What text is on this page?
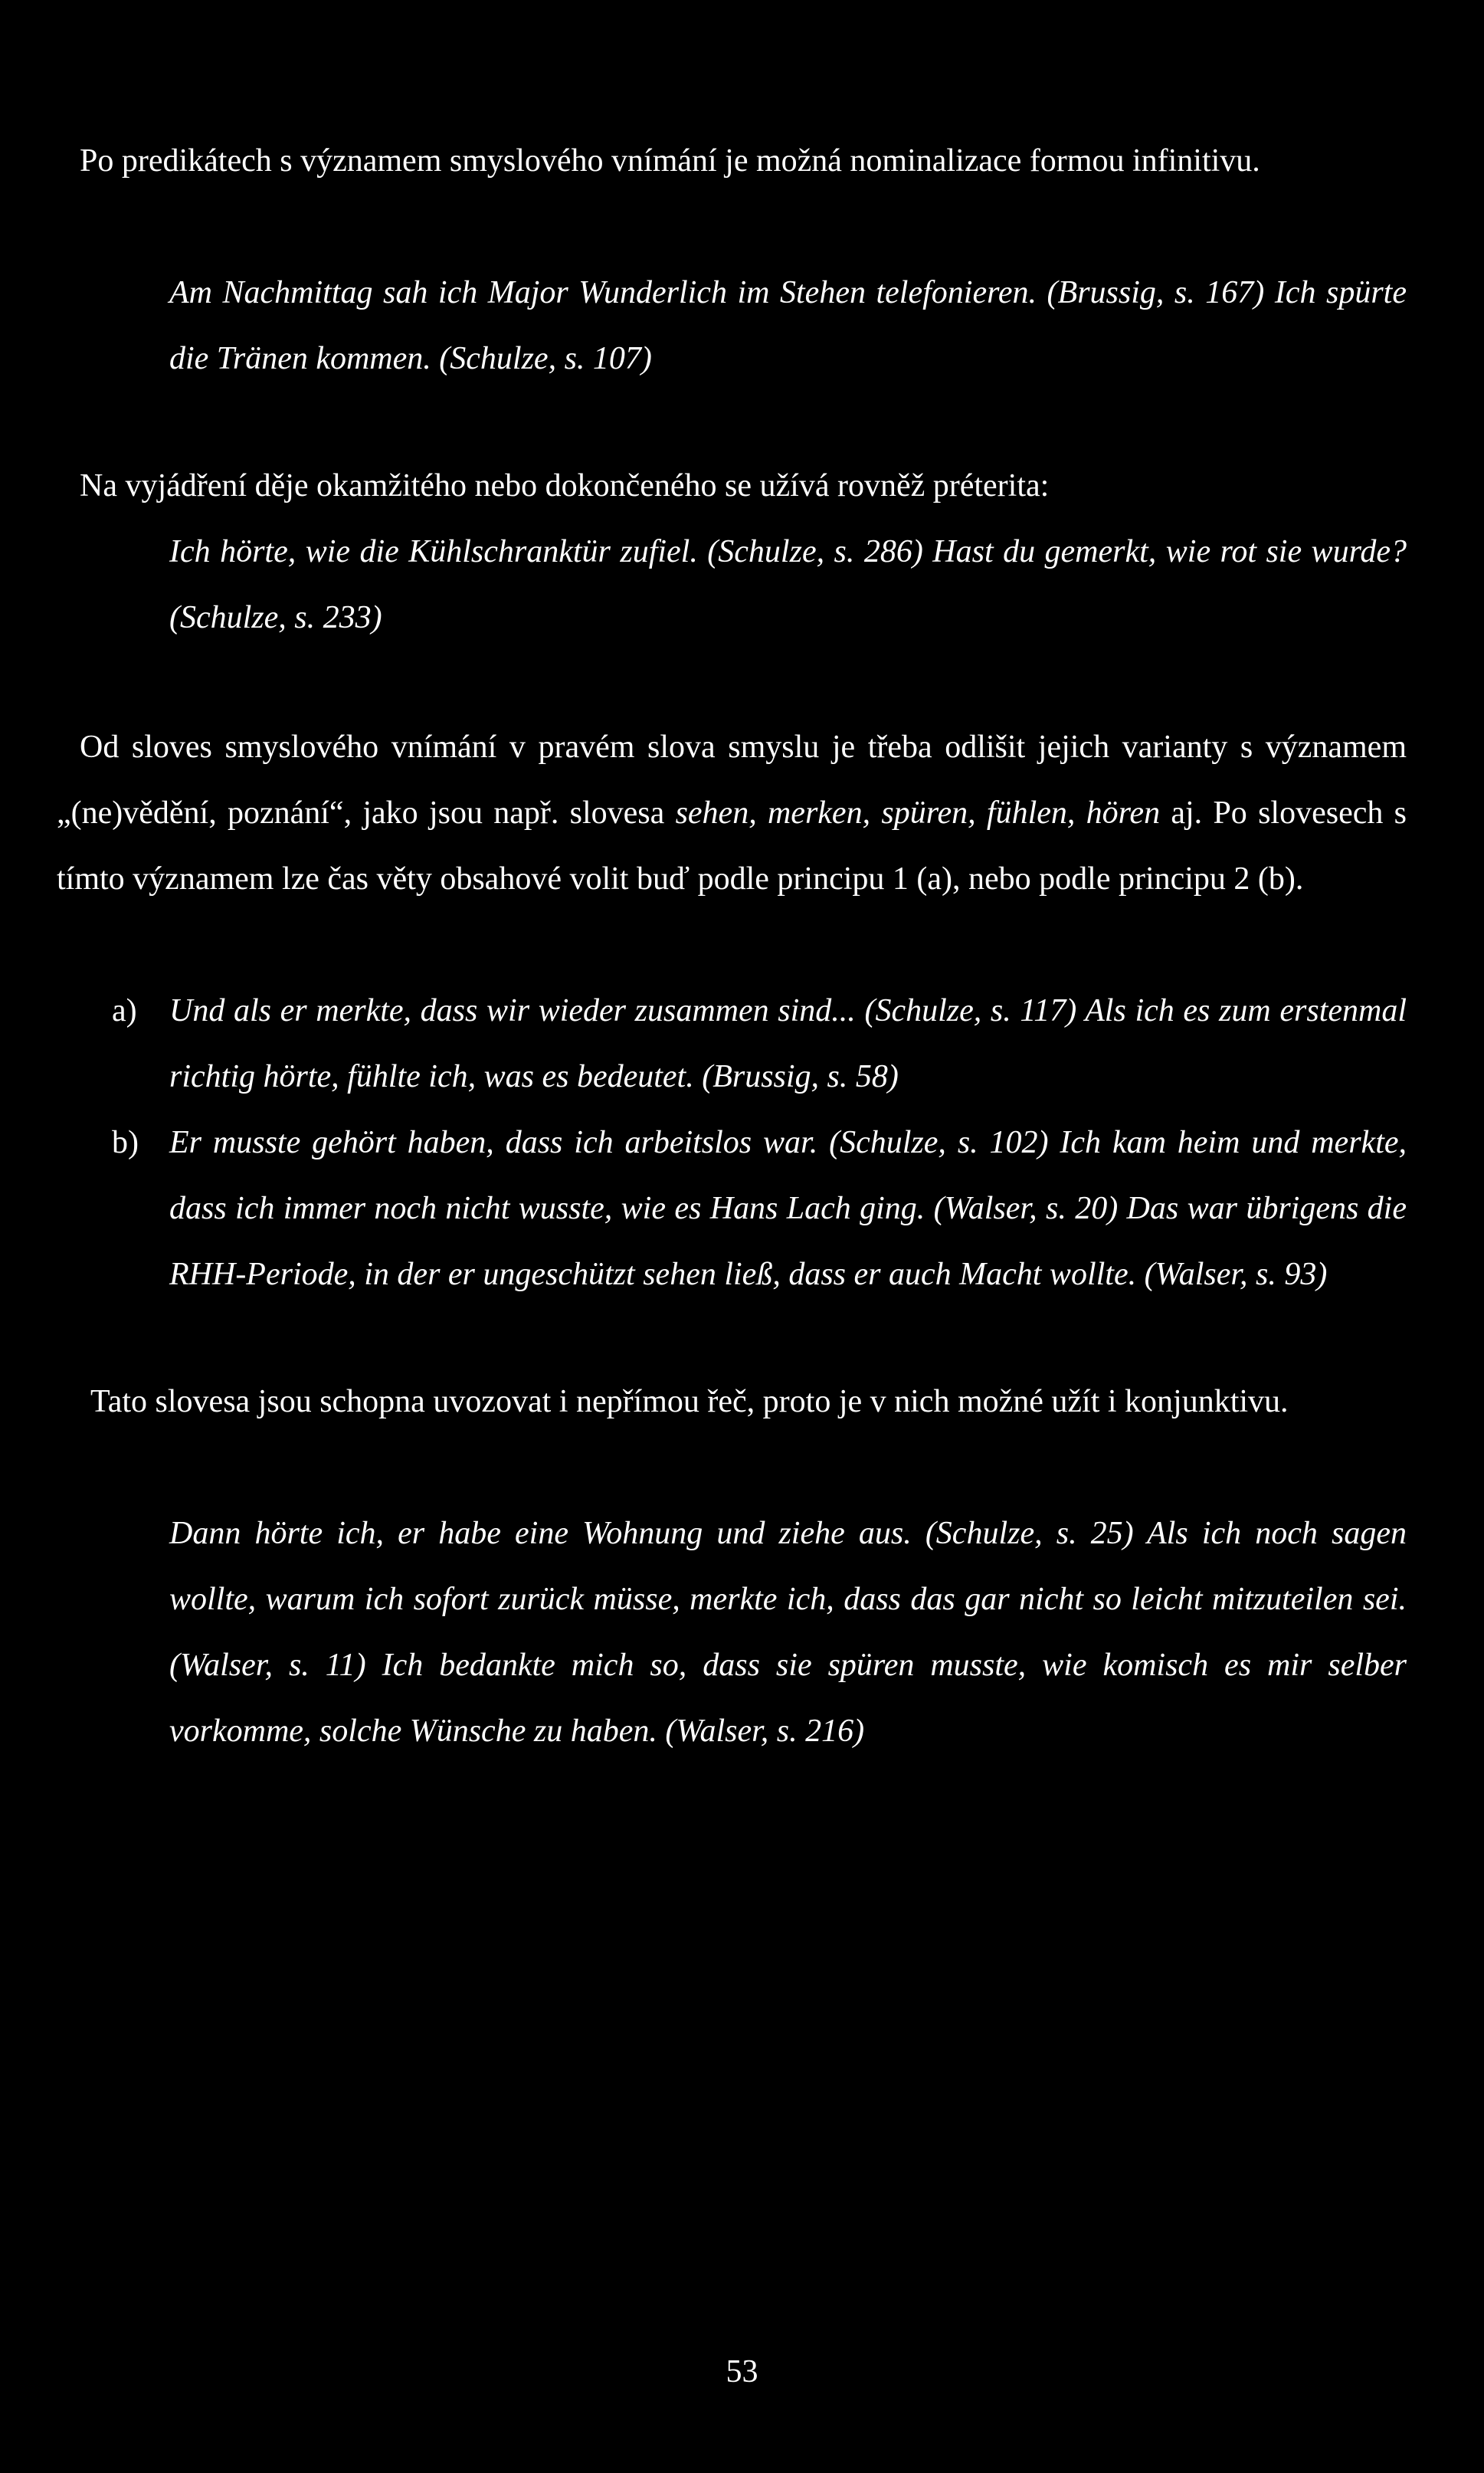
Po predikátech s významem smyslového vnímání je možná nominalizace formou infinitivu.

Am Nachmittag sah ich Major Wunderlich im Stehen telefonieren. (Brussig, s. 167) Ich spürte die Tränen kommen. (Schulze, s. 107)

Na vyjádření děje okamžitého nebo dokončeného se užívá rovněž préterita:

Ich hörte, wie die Kühlschranktür zufiel. (Schulze, s. 286) Hast du gemerkt, wie rot sie wurde? (Schulze, s. 233)

Od sloves smyslového vnímání v pravém slova smyslu je třeba odlišit jejich varianty s významem „(ne)vědění, poznání“, jako jsou např. slovesa sehen, merken, spüren, fühlen, hören aj. Po slovesech s tímto významem lze čas věty obsahové volit buď podle principu 1 (a), nebo podle principu 2 (b).

a) Und als er merkte, dass wir wieder zusammen sind... (Schulze, s. 117) Als ich es zum erstenmal richtig hörte, fühlte ich, was es bedeutet. (Brussig, s. 58)

b) Er musste gehört haben, dass ich arbeitslos war. (Schulze, s. 102) Ich kam heim und merkte, dass ich immer noch nicht wusste, wie es Hans Lach ging. (Walser, s. 20) Das war übrigens die RHH-Periode, in der er ungeschützt sehen ließ, dass er auch Macht wollte. (Walser, s. 93)

Tato slovesa jsou schopna uvozovat i nepřímou řeč, proto je v nich možné užít i konjunktivu.

Dann hörte ich, er habe eine Wohnung und ziehe aus. (Schulze, s. 25) Als ich noch sagen wollte, warum ich sofort zurück müsse, merkte ich, dass das gar nicht so leicht mitzuteilen sei. (Walser, s. 11) Ich bedankte mich so, dass sie spüren musste, wie komisch es mir selber vorkomme, solche Wünsche zu haben. (Walser, s. 216)

53
